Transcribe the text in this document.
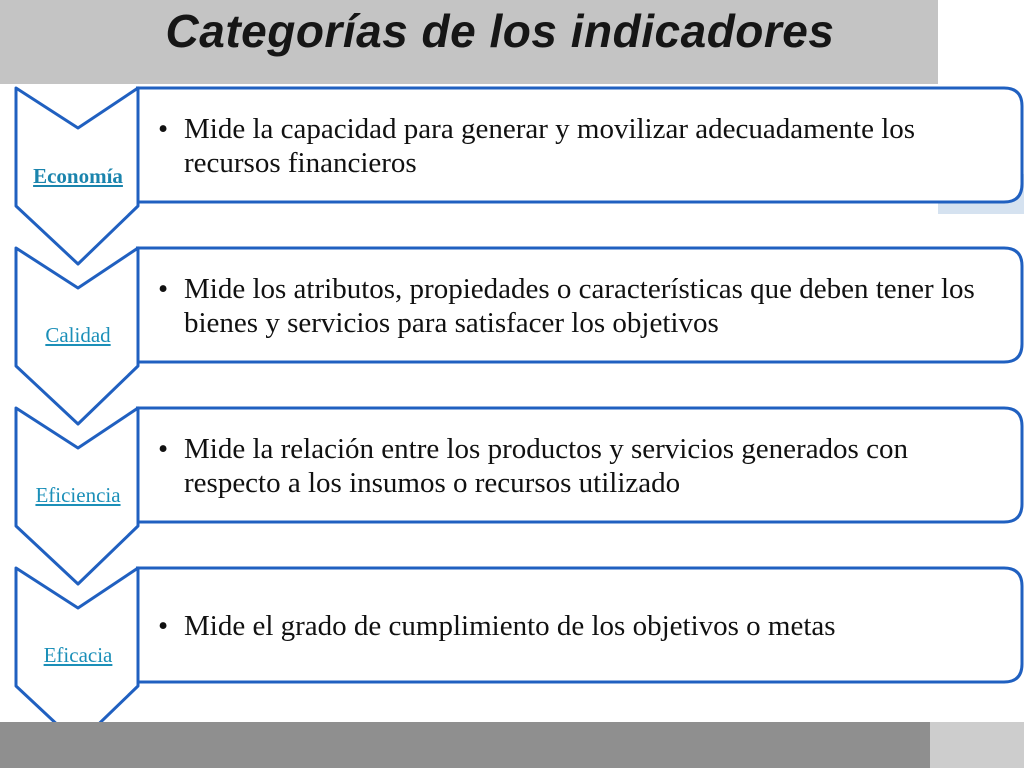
Categorías de los indicadores

Economía
Calidad
Eficiencia
Eficacia
• Mide la capacidad para generar y movilizar adecuadamente los recursos financieros
• Mide los atributos, propiedades o características que deben tener los bienes y servicios para satisfacer los objetivos
• Mide la relación entre los productos y servicios generados con respecto a los insumos o recursos utilizado
• Mide el grado de cumplimiento de los objetivos o metas
